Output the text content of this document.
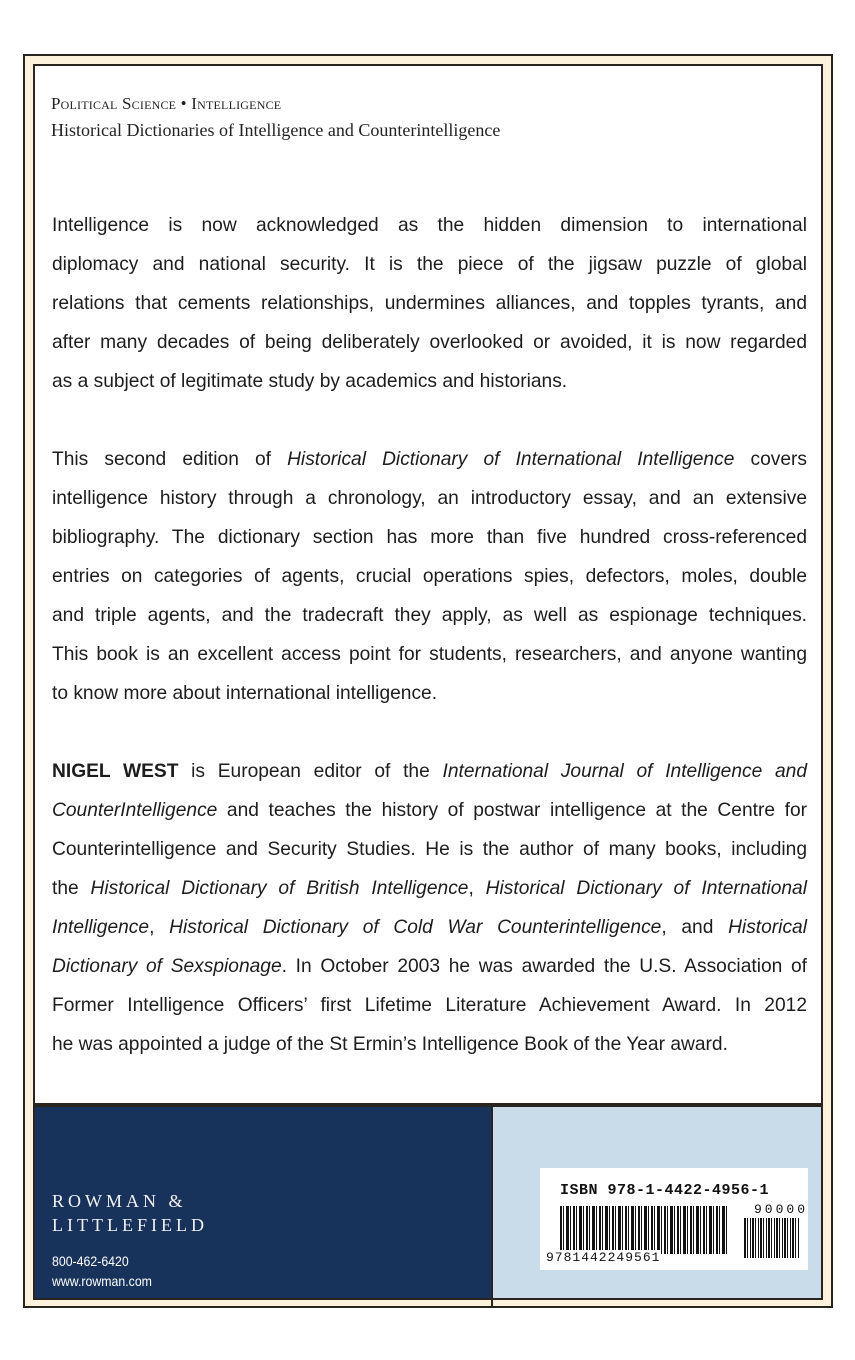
Political Science • Intelligence
Historical Dictionaries of Intelligence and Counterintelligence
Intelligence is now acknowledged as the hidden dimension to international
diplomacy and national security. It is the piece of the jigsaw puzzle of global
relations that cements relationships, undermines alliances, and topples tyrants, and
after many decades of being deliberately overlooked or avoided, it is now regarded
as a subject of legitimate study by academics and historians.
This second edition of Historical Dictionary of International Intelligence covers
intelligence history through a chronology, an introductory essay, and an extensive
bibliography. The dictionary section has more than five hundred cross-referenced
entries on categories of agents, crucial operations spies, defectors, moles, double
and triple agents, and the tradecraft they apply, as well as espionage techniques.
This book is an excellent access point for students, researchers, and anyone wanting
to know more about international intelligence.
NIGEL WEST is European editor of the International Journal of Intelligence and
CounterIntelligence and teaches the history of postwar intelligence at the Centre for
Counterintelligence and Security Studies. He is the author of many books, including
the Historical Dictionary of British Intelligence, Historical Dictionary of International
Intelligence, Historical Dictionary of Cold War Counterintelligence, and Historical
Dictionary of Sexspionage. In October 2003 he was awarded the U.S. Association of
Former Intelligence Officers’ first Lifetime Literature Achievement Award. In 2012
he was appointed a judge of the St Ermin’s Intelligence Book of the Year award.
ROWMAN &
LITTLEFIELD
800-462-6420
www.rowman.com
ISBN 978-1-4422-4956-1
9781442249561
90000
